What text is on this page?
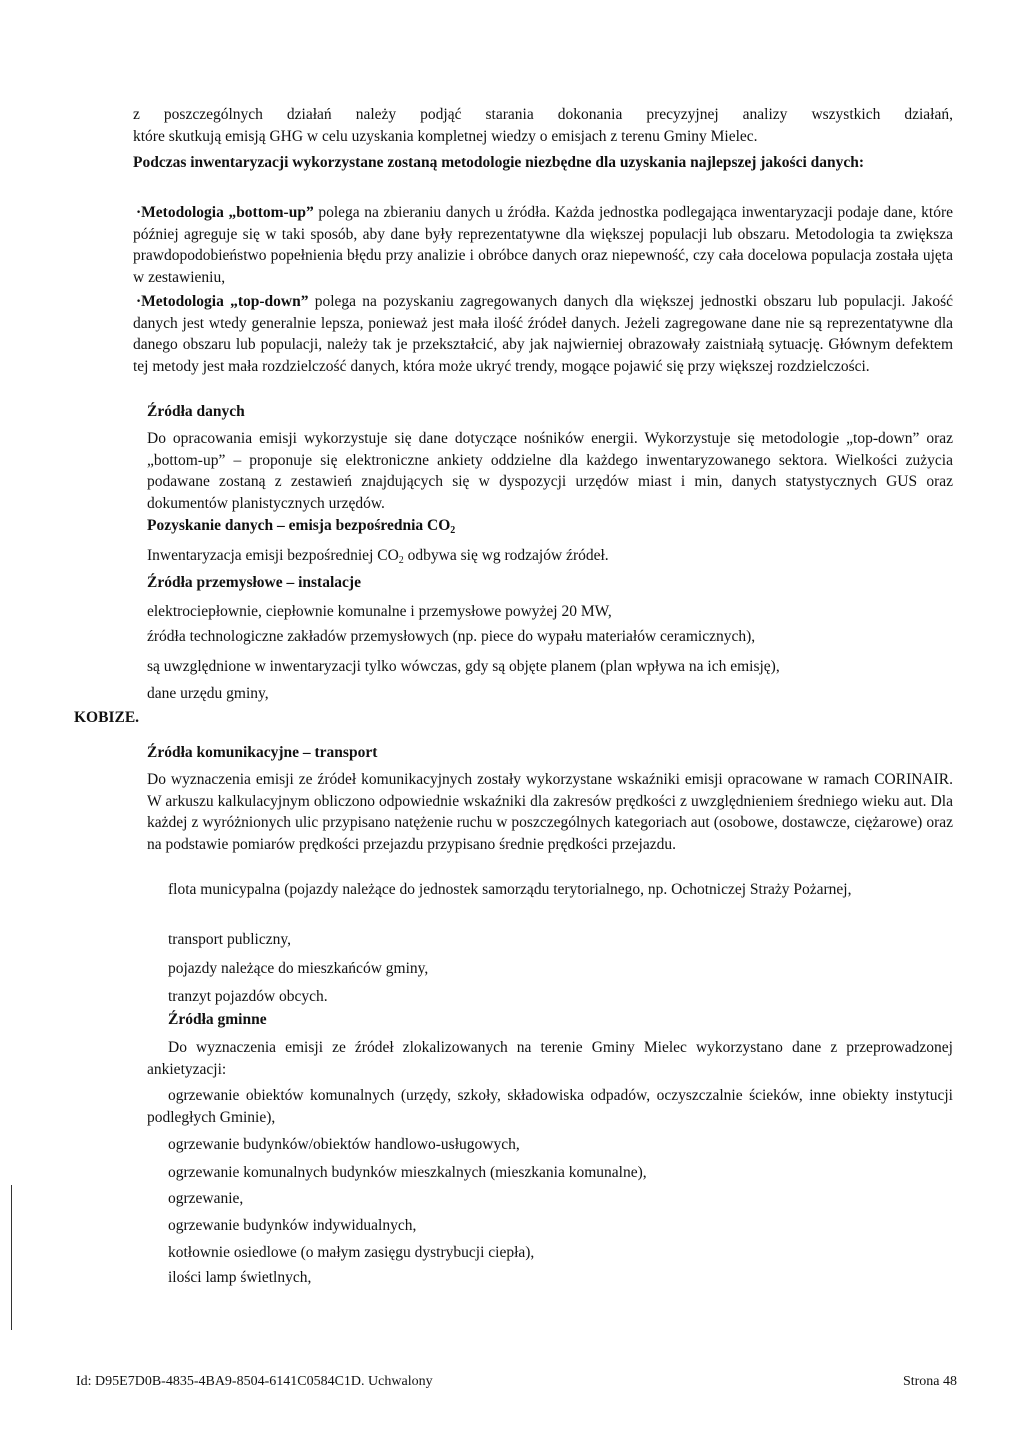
z poszczególnych działań należy podjąć starania dokonania precyzyjnej analizy wszystkich działań,
które skutkują emisją GHG w celu uzyskania kompletnej wiedzy o emisjach z terenu Gminy Mielec.

Podczas inwentaryzacji wykorzystane zostaną metodologie niezbędne dla uzyskania najlepszej jakości danych:

·Metodologia „bottom-up” polega na zbieraniu danych u źródła. Każda jednostka podlegająca inwentaryzacji podaje dane, które później agreguje się w taki sposób, aby dane były reprezentatywne dla większej populacji lub obszaru. Metodologia ta zwiększa prawdopodobieństwo popełnienia błędu przy analizie i obróbce danych oraz niepewność, czy cała docelowa populacja została ujęta w zestawieniu,

·Metodologia „top-down” polega na pozyskaniu zagregowanych danych dla większej jednostki obszaru lub populacji. Jakość danych jest wtedy generalnie lepsza, ponieważ jest mała ilość źródeł danych. Jeżeli zagregowane dane nie są reprezentatywne dla danego obszaru lub populacji, należy tak je przekształcić, aby jak najwierniej obrazowały zaistniałą sytuację. Głównym defektem tej metody jest mała rozdzielczość danych, która może ukryć trendy, mogące pojawić się przy większej rozdzielczości.

Źródła danych

Do opracowania emisji wykorzystuje się dane dotyczące nośników energii. Wykorzystuje się metodologie „top-down” oraz „bottom-up” – proponuje się elektroniczne ankiety oddzielne dla każdego inwentaryzowanego sektora. Wielkości zużycia podawane zostaną z zestawień znajdujących się w dyspozycji urzędów miast i min, danych statystycznych GUS oraz dokumentów planistycznych urzędów.

Pozyskanie danych – emisja bezpośrednia $CO_2$

Inwentaryzacja emisji bezpośredniej $CO_2$ odbywa się wg rodzajów źródeł.

Źródła przemysłowe – instalacje

elektrociepłownie, ciepłownie komunalne i przemysłowe powyżej 20 MW,

źródła technologiczne zakładów przemysłowych (np. piece do wypału materiałów ceramicznych),

są uwzględnione w inwentaryzacji tylko wówczas, gdy są objęte planem (plan wpływa na ich emisję),

dane urzędu gminy,

KOBIZE.

Źródła komunikacyjne – transport

Do wyznaczenia emisji ze źródeł komunikacyjnych zostały wykorzystane wskaźniki emisji opracowane w ramach CORINAIR. W arkuszu kalkulacyjnym obliczono odpowiednie wskaźniki dla zakresów prędkości z uwzględnieniem średniego wieku aut. Dla każdej z wyróżnionych ulic przypisano natężenie ruchu w poszczególnych kategoriach aut (osobowe, dostawcze, ciężarowe) oraz na podstawie pomiarów prędkości przejazdu przypisano średnie prędkości przejazdu.

flota municypalna (pojazdy należące do jednostek samorządu terytorialnego, np. Ochotniczej Straży Pożarnej,

transport publiczny,

pojazdy należące do mieszkańców gminy,

tranzyt pojazdów obcych.

Źródła gminne

Do wyznaczenia emisji ze źródeł zlokalizowanych na terenie Gminy Mielec wykorzystano dane z przeprowadzonej ankietyzacji:

ogrzewanie obiektów komunalnych (urzędy, szkoły, składowiska odpadów, oczyszczalnie ścieków, inne obiekty instytucji podległych Gminie),

ogrzewanie budynków/obiektów handlowo-usługowych,

ogrzewanie komunalnych budynków mieszkalnych (mieszkania komunalne),

ogrzewanie,

ogrzewanie budynków indywidualnych,

kotłownie osiedlowe (o małym zasięgu dystrybucji ciepła),

ilości lamp świetlnych,

Id: D95E7D0B-4835-4BA9-8504-6141C0584C1D. Uchwalony	Strona 48
